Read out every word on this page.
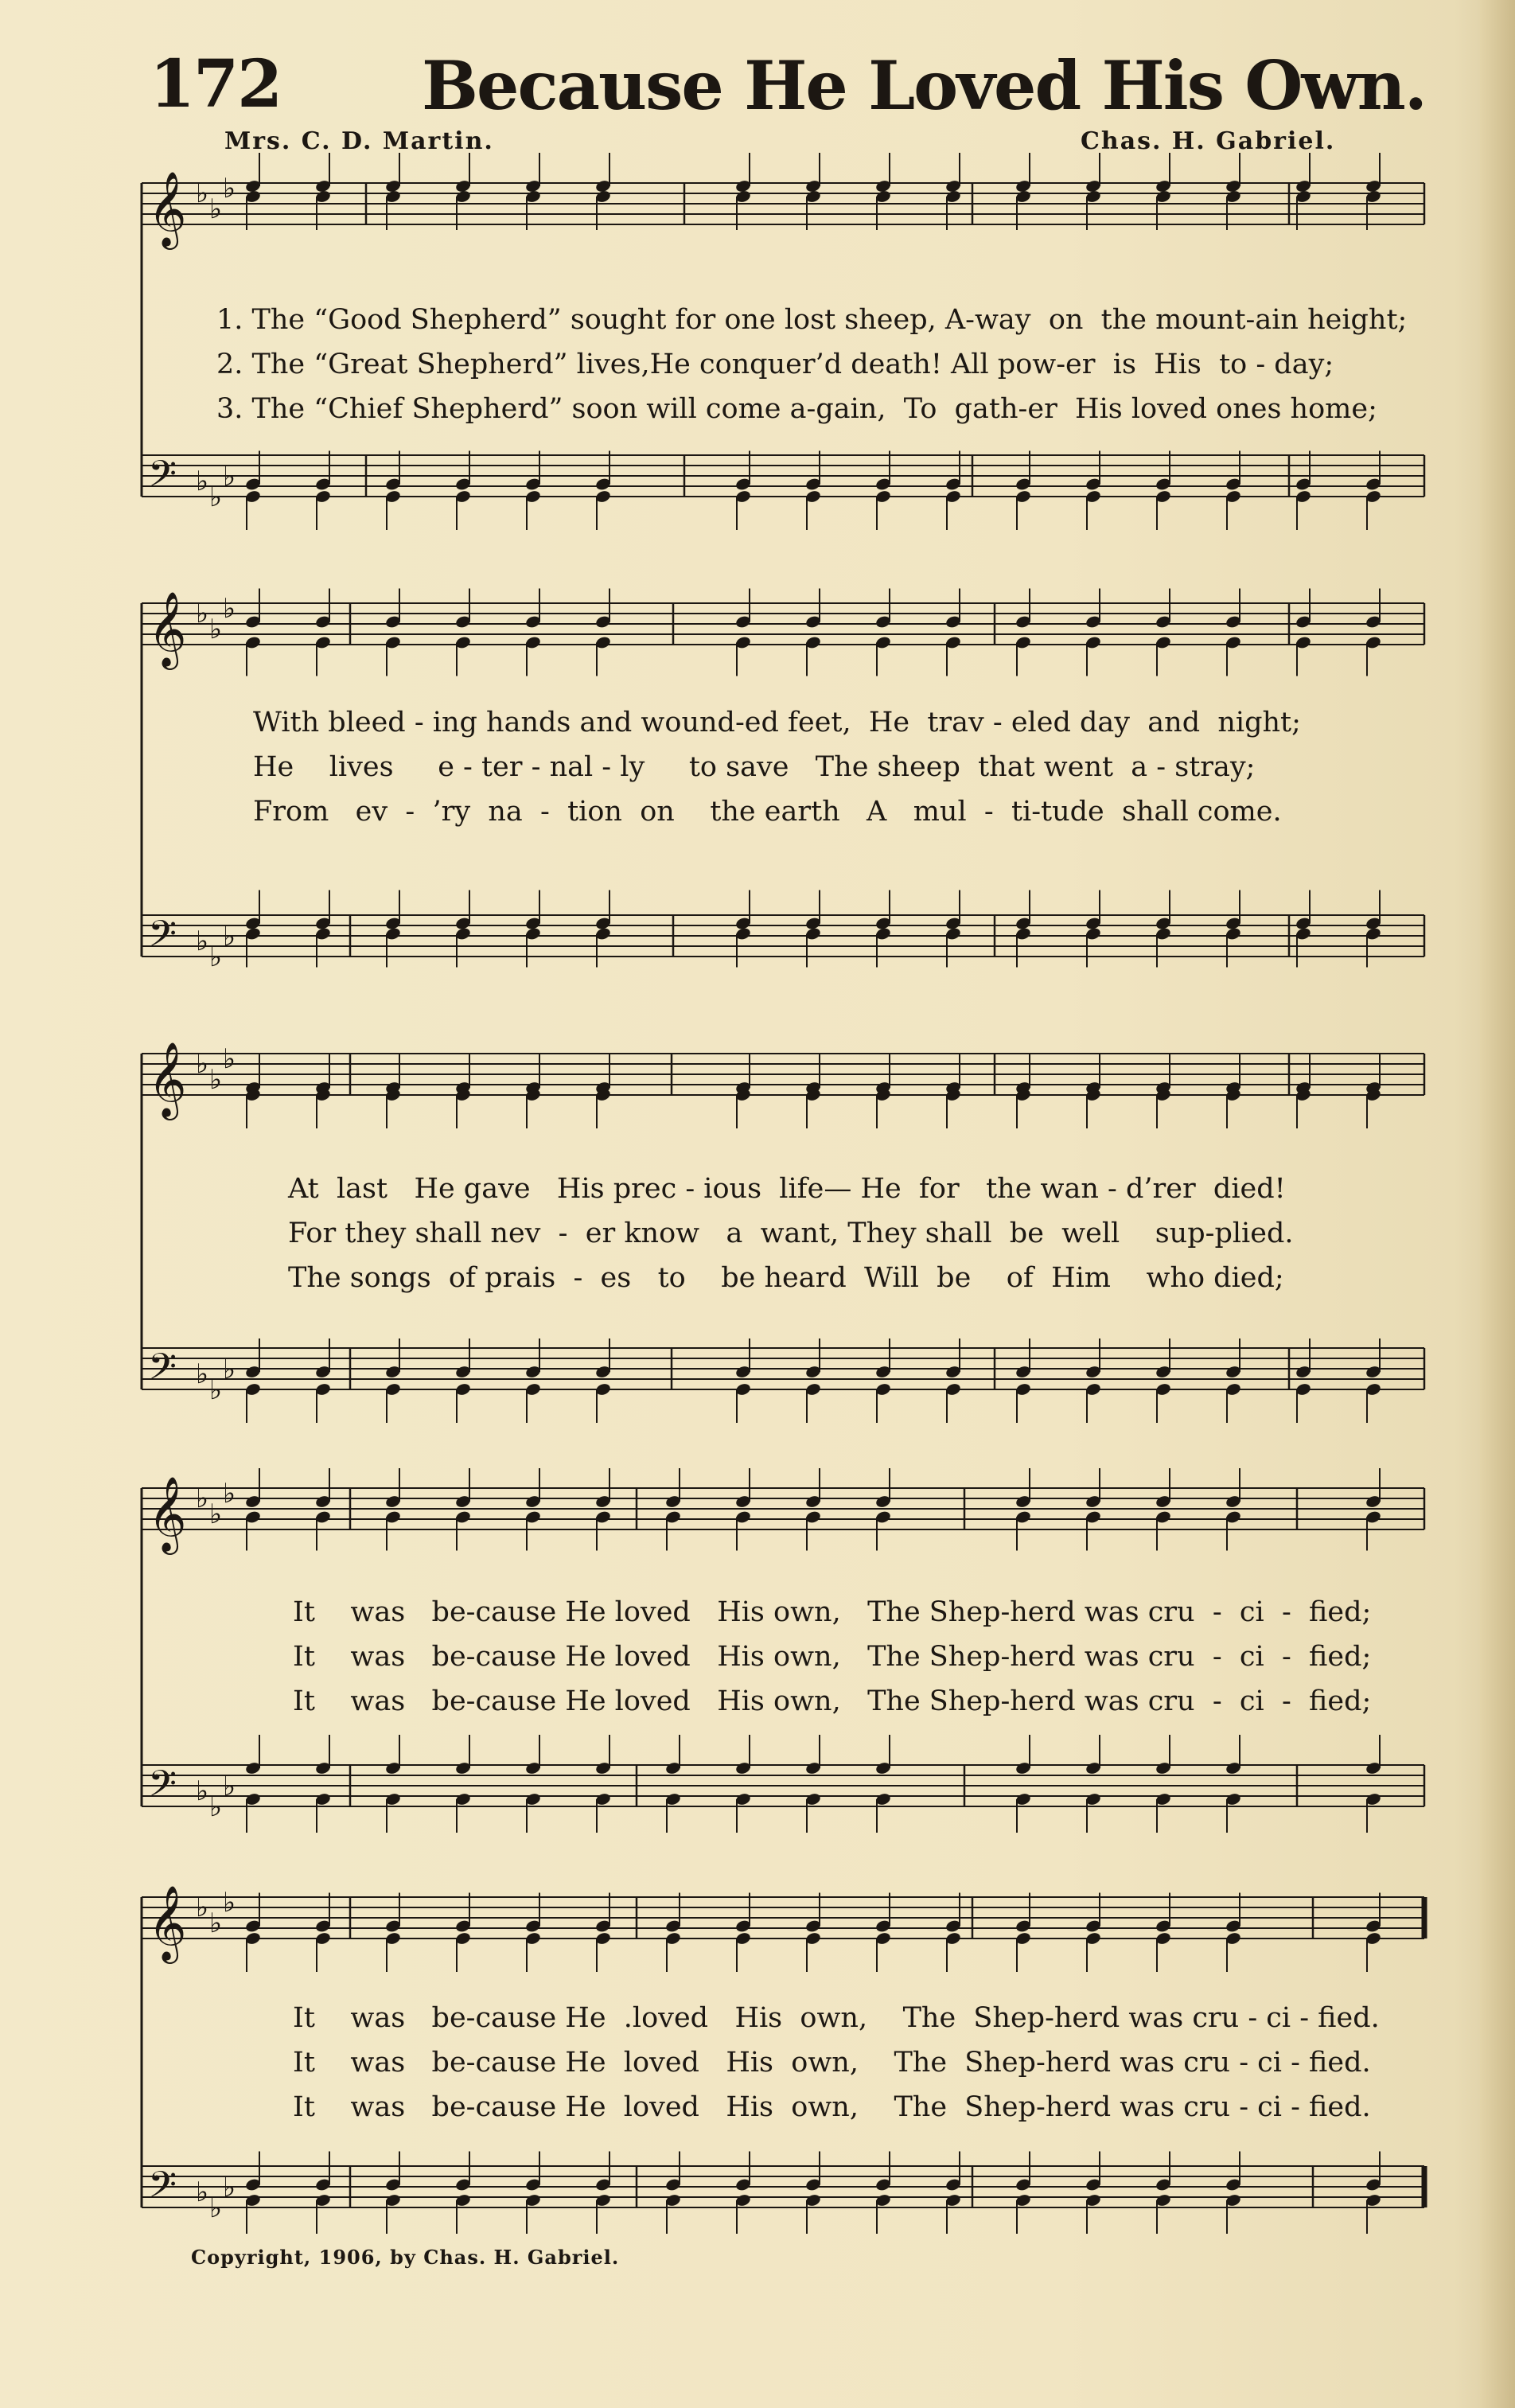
172 Because He Loved His Own.
Mrs. C. D. Martin.	Chas. H. Gabriel.
𝄞 ♭ ♭
♭
𝄢 ♭ ♭
♭
𝄞 ♭ ♭
♭
𝄢 ♭ ♭
♭
𝄞 ♭ ♭
♭
𝄢 ♭ ♭
♭
𝄞 ♭ ♭
♭
𝄢 ♭ ♭
♭
𝄞 ♭ ♭
♭
𝄢 ♭ ♭
♭
1. The “Good Shepherd” sought for one lost sheep, A-way  on  the mount-ain height;
2. The “Great Shepherd” lives,He conquer’d death! All pow-er  is  His  to - day;
3. The “Chief Shepherd” soon will come a-gain,  To  gath-er  His loved ones home;
With bleed - ing hands and wound-ed feet,  He  trav - eled day  and  night;
He    lives     e - ter - nal - ly     to save   The sheep  that went  a - stray;
From   ev  -  ’ry  na  -  tion  on    the earth   A   mul  -  ti-tude  shall come.
At  last   He gave   His prec - ious  life— He  for   the wan - d’rer  died!
For they shall nev  -  er know   a  want, They shall  be  well    sup-plied.
The songs  of prais  -  es   to    be heard  Will  be    of  Him    who died;
It    was   be-cause He loved   His own,   The Shep-herd was cru  -  ci  -  fied;
It    was   be-cause He loved   His own,   The Shep-herd was cru  -  ci  -  fied;
It    was   be-cause He loved   His own,   The Shep-herd was cru  -  ci  -  fied;
It    was   be-cause He  .loved   His  own,    The  Shep-herd was cru - ci - fied.
It    was   be-cause He  loved   His  own,    The  Shep-herd was cru - ci - fied.
It    was   be-cause He  loved   His  own,    The  Shep-herd was cru - ci - fied.
Copyright, 1906, by Chas. H. Gabriel.
